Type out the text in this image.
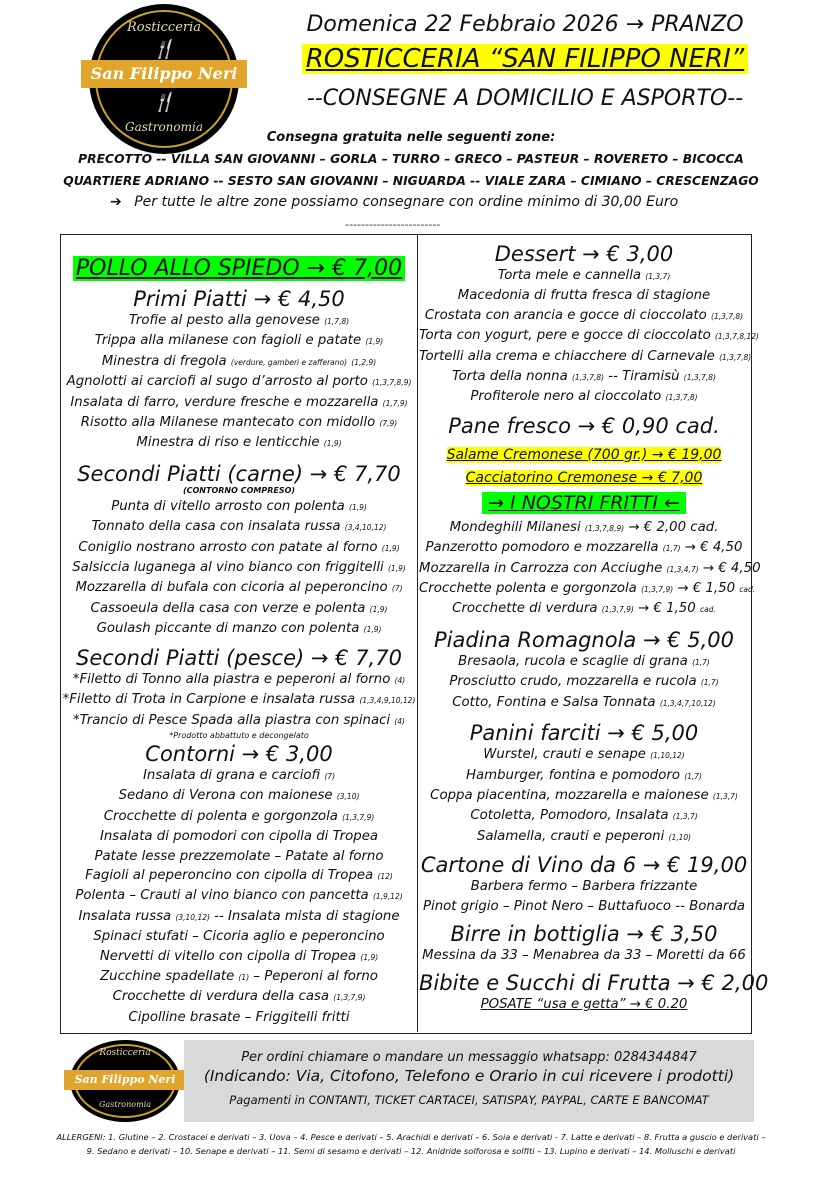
Rosticceria
🍴
San Filippo Neri
🍴
Gastronomia
Domenica 22 Febbraio 2026 → PRANZO
ROSTICCERIA “SAN FILIPPO NERI”
--CONSEGNE A DOMICILIO E ASPORTO--
Consegna gratuita nelle seguenti zone:
PRECOTTO -- VILLA SAN GIOVANNI – GORLA – TURRO – GRECO – PASTEUR – ROVERETO – BICOCCA
QUARTIERE ADRIANO -- SESTO SAN GIOVANNI – NIGUARDA -- VIALE ZARA – CIMIANO – CRESCENZAGO
➔ Per tutte le altre zone possiamo consegnare con ordine minimo di 30,00 Euro
------------------------
POLLO ALLO SPIEDO → € 7,00
Primi Piatti → € 4,50
Trofie al pesto alla genovese (1,7,8)
Trippa alla milanese con fagioli e patate (1,9)
Minestra di fregola (verdure, gamberi e zafferano) (1,2,9)
Agnolotti ai carciofi al sugo d’arrosto al porto (1,3,7,8,9)
Insalata di farro, verdure fresche e mozzarella (1,7,9)
Risotto alla Milanese mantecato con midollo (7,9)
Minestra di riso e lenticchie (1,9)
Secondi Piatti (carne) → € 7,70
(CONTORNO COMPRESO)
Punta di vitello arrosto con polenta (1,9)
Tonnato della casa con insalata russa (3,4,10,12)
Coniglio nostrano arrosto con patate al forno (1,9)
Salsiccia luganega al vino bianco con friggitelli (1,9)
Mozzarella di bufala con cicoria al peperoncino (7)
Cassoeula della casa con verze e polenta (1,9)
Goulash piccante di manzo con polenta (1,9)
Secondi Piatti (pesce) → € 7,70
*Filetto di Tonno alla piastra e peperoni al forno (4)
*Filetto di Trota in Carpione e insalata russa (1,3,4,9,10,12)
*Trancio di Pesce Spada alla piastra con spinaci (4)
*Prodotto abbattuto e decongelato
Contorni → € 3,00
Insalata di grana e carciofi (7)
Sedano di Verona con maionese (3,10)
Crocchette di polenta e gorgonzola (1,3,7,9)
Insalata di pomodori con cipolla di Tropea
Patate lesse prezzemolate – Patate al forno
Fagioli al peperoncino con cipolla di Tropea (12)
Polenta – Crauti al vino bianco con pancetta (1,9,12)
Insalata russa (3,10,12) -- Insalata mista di stagione
Spinaci stufati – Cicoria aglio e peperoncino
Nervetti di vitello con cipolla di Tropea (1,9)
Zucchine spadellate (1) – Peperoni al forno
Crocchette di verdura della casa (1,3,7,9)
Cipolline brasate – Friggitelli fritti
Dessert → € 3,00
Torta mele e cannella (1,3,7)
Macedonia di frutta fresca di stagione
Crostata con arancia e gocce di cioccolato (1,3,7,8)
Torta con yogurt, pere e gocce di cioccolato (1,3,7,8,12)
Tortelli alla crema e chiacchere di Carnevale (1,3,7,8)
Torta della nonna (1,3,7,8) -- Tiramisù (1,3,7,8)
Profiterole nero al cioccolato (1,3,7,8)
Pane fresco → € 0,90 cad.
Salame Cremonese (700 gr.) → € 19,00
Cacciatorino Cremonese → € 7,00
→ I NOSTRI FRITTI ←
Mondeghili Milanesi (1,3,7,8,9) → € 2,00 cad.
Panzerotto pomodoro e mozzarella (1,7) → € 4,50
Mozzarella in Carrozza con Acciughe (1,3,4,7) → € 4,50
Crocchette polenta e gorgonzola (1,3,7,9) → € 1,50 cad.
Crocchette di verdura (1,3,7,9) → € 1,50 cad.
Piadina Romagnola → € 5,00
Bresaola, rucola e scaglie di grana (1,7)
Prosciutto crudo, mozzarella e rucola (1,7)
Cotto, Fontina e Salsa Tonnata (1,3,4,7,10,12)
Panini farciti → € 5,00
Wurstel, crauti e senape (1,10,12)
Hamburger, fontina e pomodoro (1,7)
Coppa piacentina, mozzarella e maionese (1,3,7)
Cotoletta, Pomodoro, Insalata (1,3,7)
Salamella, crauti e peperoni (1,10)
Cartone di Vino da 6 → € 19,00
Barbera fermo – Barbera frizzante
Pinot grigio – Pinot Nero – Buttafuoco -- Bonarda
Birre in bottiglia → € 3,50
Messina da 33 – Menabrea da 33 – Moretti da 66
Bibite e Succhi di Frutta → € 2,00
POSATE “usa e getta” → € 0.20
Rosticceria
San Filippo Neri
Gastronomia
Per ordini chiamare o mandare un messaggio whatsapp: 0284344847
(Indicando: Via, Citofono, Telefono e Orario in cui ricevere i prodotti)
Pagamenti in CONTANTI, TICKET CARTACEI, SATISPAY, PAYPAL, CARTE E BANCOMAT
ALLERGENI: 1. Glutine – 2. Crostacei e derivati – 3. Uova – 4. Pesce e derivati – 5. Arachidi e derivati – 6. Soia e derivati - 7. Latte e derivati – 8. Frutta a guscio e derivati –
9. Sedano e derivati – 10. Senape e derivati – 11. Semi di sesamo e derivati – 12. Anidride solforosa e solfiti – 13. Lupino e derivati – 14. Molluschi e derivati
